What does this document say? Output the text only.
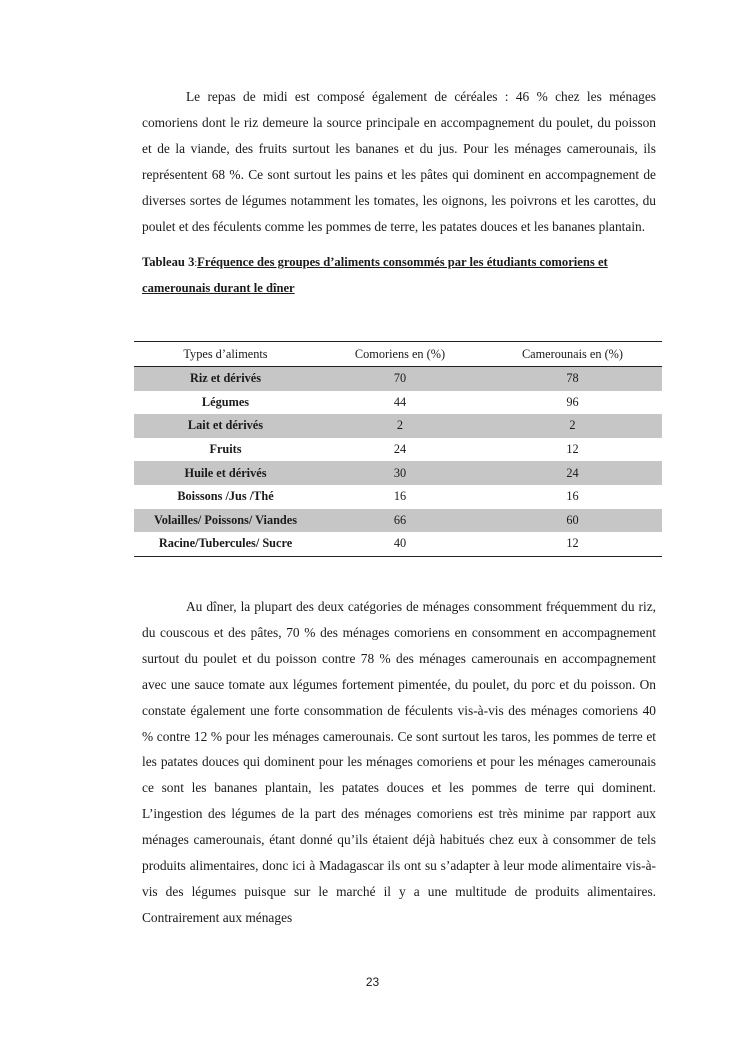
Le repas de midi est composé également de céréales : 46 % chez les ménages comoriens dont le riz demeure la source principale en accompagnement du poulet, du poisson et de la viande, des fruits surtout les bananes et du jus. Pour les ménages camerounais, ils représentent 68 %. Ce sont surtout les pains et les pâtes qui dominent en accompagnement de diverses sortes de légumes notamment les tomates, les oignons, les poivrons et les carottes, du poulet et des féculents comme les pommes de terre, les patates douces et les bananes plantain.

Tableau 3:Fréquence des groupes d’aliments consommés par les étudiants comoriens et camerounais durant le dîner
Types d’aliments	Comoriens en (%)	Camerounais en (%)
Riz et dérivés	70	78
Légumes	44	96
Lait et dérivés	2	2
Fruits	24	12
Huile et dérivés	30	24
Boissons /Jus /Thé	16	16
Volailles/ Poissons/ Viandes	66	60
Racine/Tubercules/ Sucre	40	12

Au dîner, la plupart des deux catégories de ménages consomment fréquemment du riz, du couscous et des pâtes, 70 % des ménages comoriens en consomment en accompagnement surtout du poulet et du poisson contre 78 % des ménages camerounais en accompagnement avec une sauce tomate aux légumes fortement pimentée, du poulet, du porc et du poisson. On constate également une forte consommation de féculents vis-à-vis des ménages comoriens 40 % contre 12 % pour les ménages camerounais. Ce sont surtout les taros, les pommes de terre et les patates douces qui dominent pour les ménages comoriens et pour les ménages camerounais ce sont les bananes plantain, les patates douces et les pommes de terre qui dominent. L’ingestion des légumes de la part des ménages comoriens est très minime par rapport aux ménages camerounais, étant donné qu’ils étaient déjà habitués chez eux à consommer de tels produits alimentaires, donc ici à Madagascar ils ont su s’adapter à leur mode alimentaire vis-à-vis des légumes puisque sur le marché il y a une multitude de produits alimentaires. Contrairement aux ménages

23
